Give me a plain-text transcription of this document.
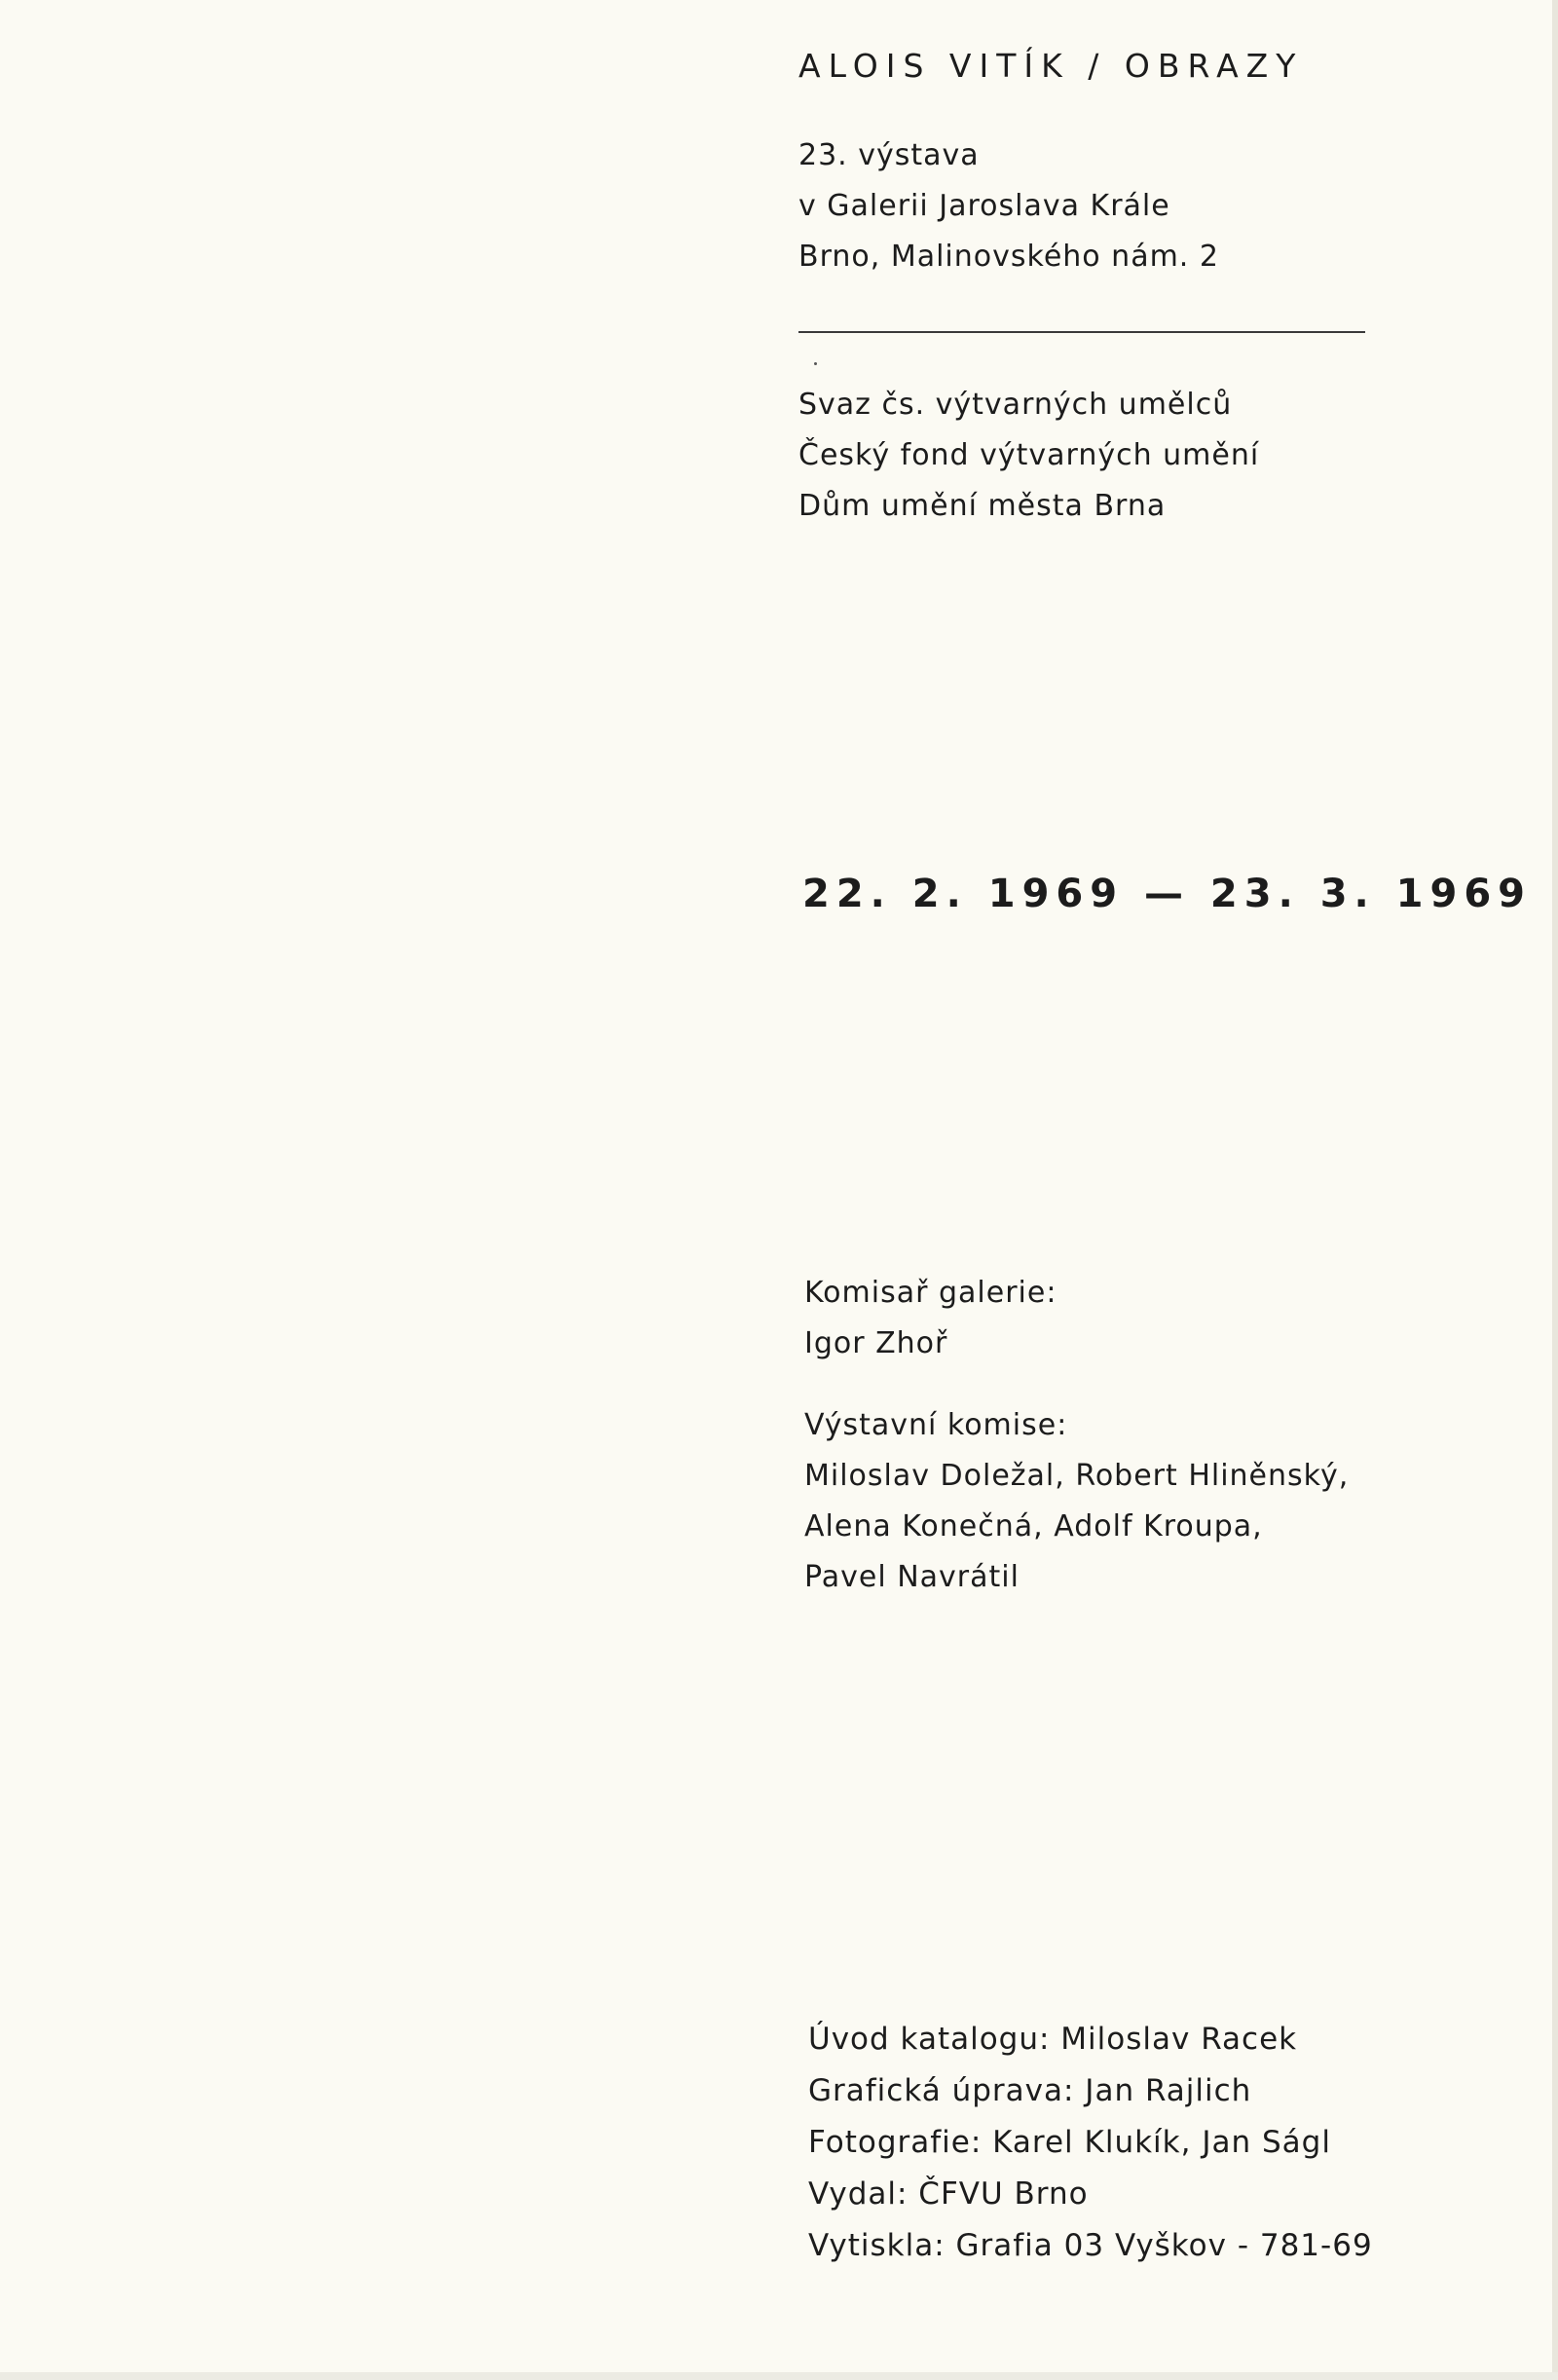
ALOIS VITÍK / OBRAZY
23. výstava
v Galerii Jaroslava Krále
Brno, Malinovského nám. 2
Svaz čs. výtvarných umělců
Český fond výtvarných umění
Dům umění města Brna
22. 2. 1969 — 23. 3. 1969
Komisař galerie:
Igor Zhoř
Výstavní komise:
Miloslav Doležal, Robert Hliněnský,
Alena Konečná, Adolf Kroupa,
Pavel Navrátil
Úvod katalogu: Miloslav Racek
Grafická úprava: Jan Rajlich
Fotografie: Karel Klukík, Jan Ságl
Vydal: ČFVU Brno
Vytiskla: Grafia 03 Vyškov - 781-69
